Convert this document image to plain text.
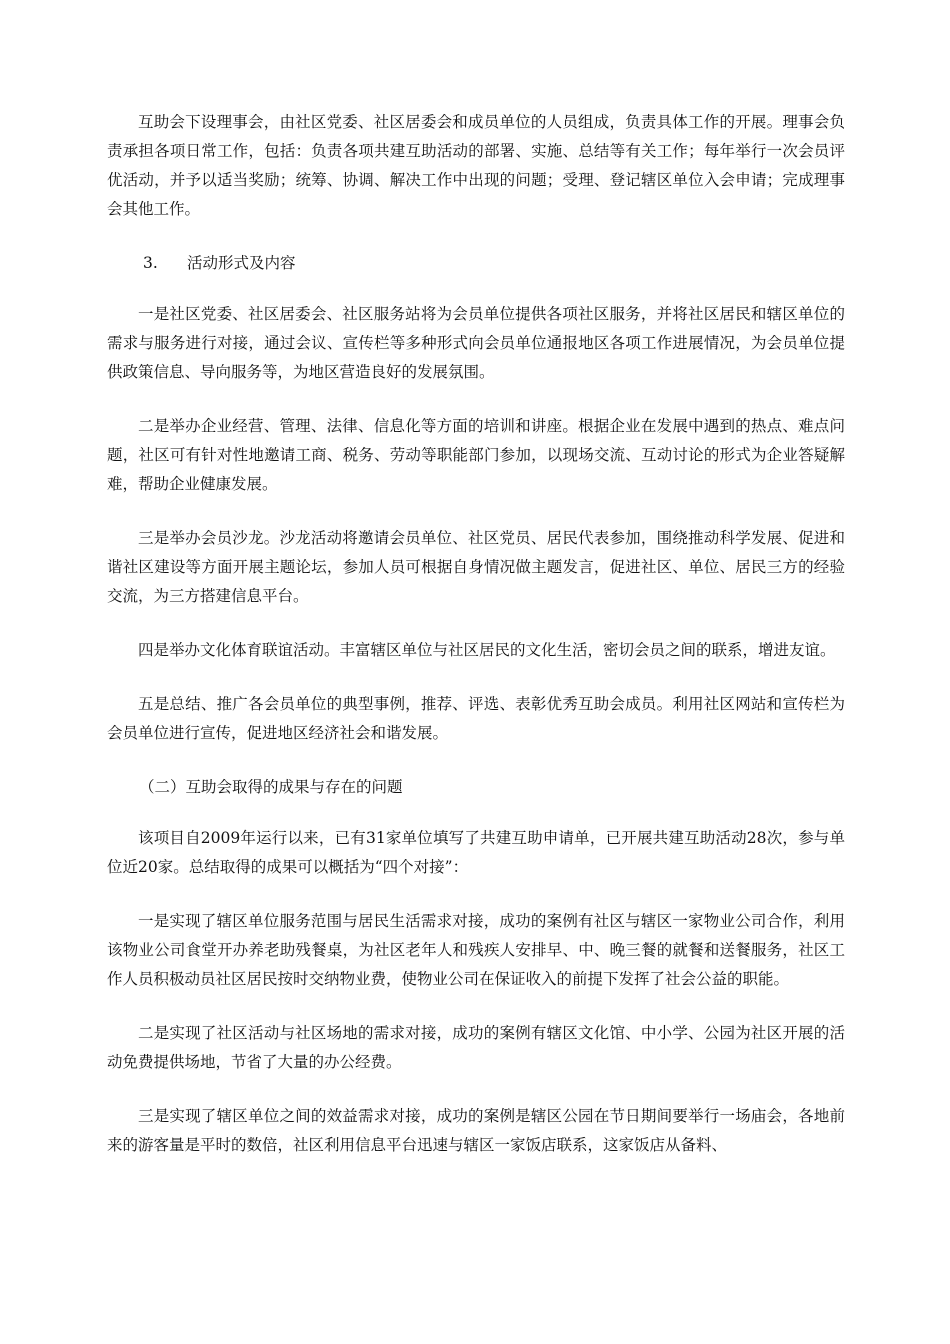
互助会下设理事会，由社区党委、社区居委会和成员单位的人员组成，负责具体工作的开展。理事会负责承担各项日常工作，包括：负责各项共建互助活动的部署、实施、总结等有关工作；每年举行一次会员评优活动，并予以适当奖励；统筹、协调、解决工作中出现的问题；受理、登记辖区单位入会申请；完成理事会其他工作。

3. 活动形式及内容

一是社区党委、社区居委会、社区服务站将为会员单位提供各项社区服务，并将社区居民和辖区单位的需求与服务进行对接，通过会议、宣传栏等多种形式向会员单位通报地区各项工作进展情况，为会员单位提供政策信息、导向服务等，为地区营造良好的发展氛围。

二是举办企业经营、管理、法律、信息化等方面的培训和讲座。根据企业在发展中遇到的热点、难点问题，社区可有针对性地邀请工商、税务、劳动等职能部门参加，以现场交流、互动讨论的形式为企业答疑解难，帮助企业健康发展。

三是举办会员沙龙。沙龙活动将邀请会员单位、社区党员、居民代表参加，围绕推动科学发展、促进和谐社区建设等方面开展主题论坛，参加人员可根据自身情况做主题发言，促进社区、单位、居民三方的经验交流，为三方搭建信息平台。

四是举办文化体育联谊活动。丰富辖区单位与社区居民的文化生活，密切会员之间的联系，增进友谊。

五是总结、推广各会员单位的典型事例，推荐、评选、表彰优秀互助会成员。利用社区网站和宣传栏为会员单位进行宣传，促进地区经济社会和谐发展。

（二）互助会取得的成果与存在的问题

该项目自2009年运行以来，已有31家单位填写了共建互助申请单，已开展共建互助活动28次，参与单位近20家。总结取得的成果可以概括为“四个对接”：

一是实现了辖区单位服务范围与居民生活需求对接，成功的案例有社区与辖区一家物业公司合作，利用该物业公司食堂开办养老助残餐桌，为社区老年人和残疾人安排早、中、晚三餐的就餐和送餐服务，社区工作人员积极动员社区居民按时交纳物业费，使物业公司在保证收入的前提下发挥了社会公益的职能。

二是实现了社区活动与社区场地的需求对接，成功的案例有辖区文化馆、中小学、公园为社区开展的活动免费提供场地，节省了大量的办公经费。

三是实现了辖区单位之间的效益需求对接，成功的案例是辖区公园在节日期间要举行一场庙会，各地前来的游客量是平时的数倍，社区利用信息平台迅速与辖区一家饭店联系，这家饭店从备料、
